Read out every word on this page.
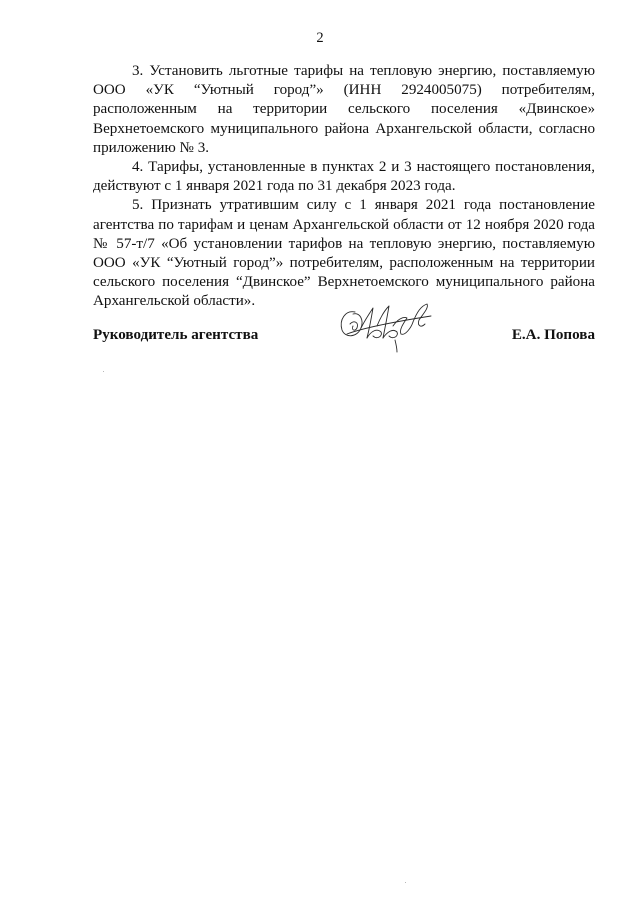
2

3. Установить льготные тарифы на тепловую энергию, поставляемую ООО «УК “Уютный город”» (ИНН 2924005075) потребителям, расположенным на территории сельского поселения «Двинское» Верхнетоемского муниципального района Архангельской области, согласно приложению № 3.

4. Тарифы, установленные в пунктах 2 и 3 настоящего постановления, действуют с 1 января 2021 года по 31 декабря 2023 года.

5. Признать утратившим силу с 1 января 2021 года постановление агентства по тарифам и ценам Архангельской области от 12 ноября 2020 года № 57-т/7 «Об установлении тарифов на тепловую энергию, поставляемую ООО «УК “Уютный город”» потребителям, расположенным на территории сельского поселения “Двинское” Верхнетоемского муниципального района Архангельской области».

Руководитель агентства	Е.А. Попова
